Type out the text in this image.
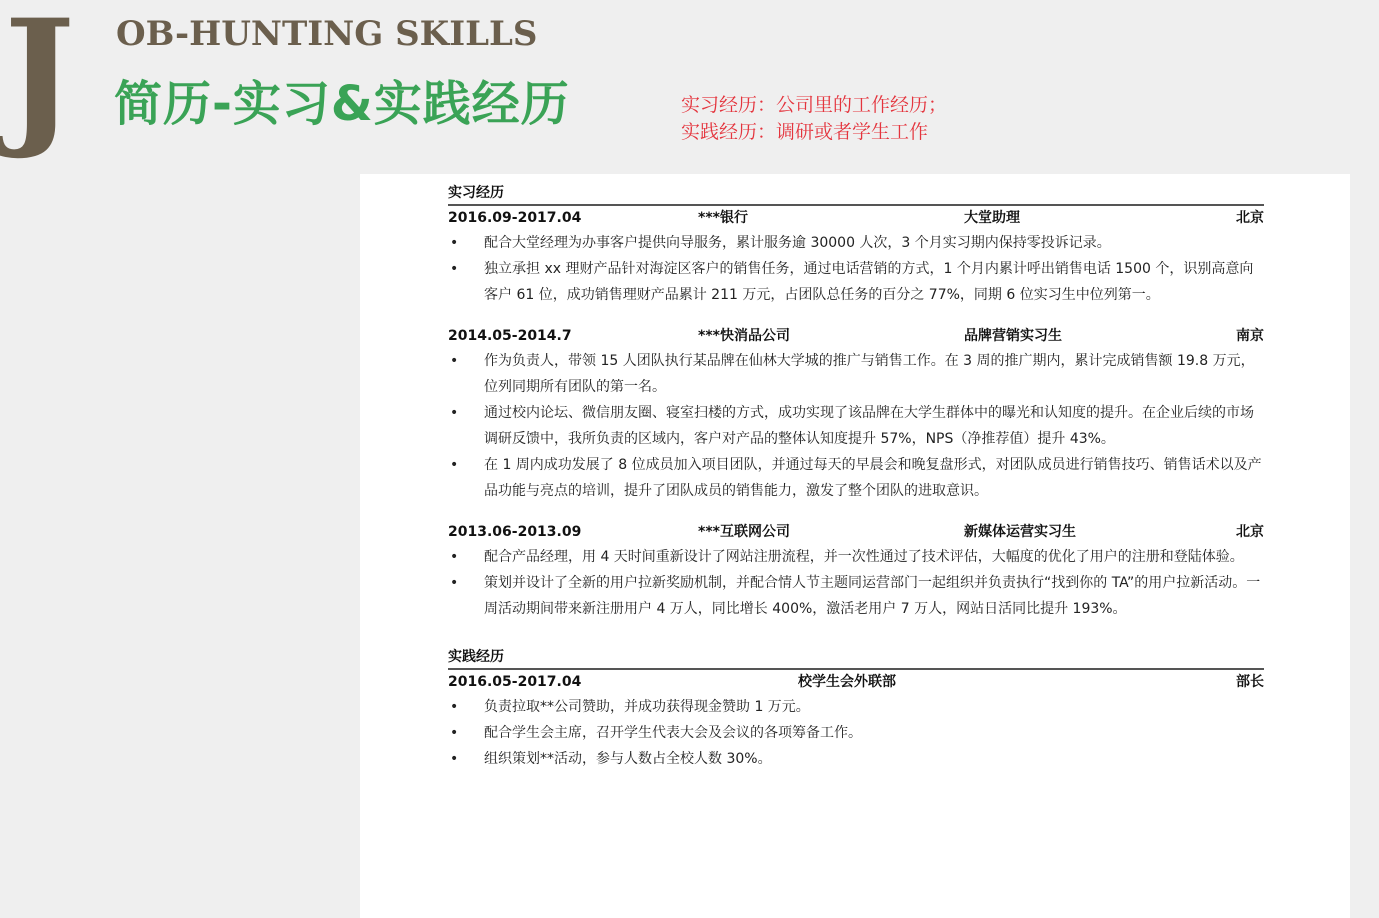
J OB-HUNTING SKILLS
简历-实习&实践经历	实习经历：公司里的工作经历；
实践经历：调研或者学生工作
实习经历
2016.09-2017.04	***银行	大堂助理	北京
• 配合大堂经理为办事客户提供向导服务，累计服务逾 30000 人次，3 个月实习期内保持零投诉记录。
• 独立承担 xx 理财产品针对海淀区客户的销售任务，通过电话营销的方式，1 个月内累计呼出销售电话 1500 个，识别高意向客户 61 位，成功销售理财产品累计 211 万元，占团队总任务的百分之 77%，同期 6 位实习生中位列第一。
2014.05-2014.7	***快消品公司	品牌营销实习生	南京
• 作为负责人，带领 15 人团队执行某品牌在仙林大学城的推广与销售工作。在 3 周的推广期内，累计完成销售额 19.8 万元，位列同期所有团队的第一名。
• 通过校内论坛、微信朋友圈、寝室扫楼的方式，成功实现了该品牌在大学生群体中的曝光和认知度的提升。在企业后续的市场调研反馈中，我所负责的区域内，客户对产品的整体认知度提升 57%，NPS（净推荐值）提升 43%。
• 在 1 周内成功发展了 8 位成员加入项目团队，并通过每天的早晨会和晚复盘形式，对团队成员进行销售技巧、销售话术以及产品功能与亮点的培训，提升了团队成员的销售能力，激发了整个团队的进取意识。
2013.06-2013.09	***互联网公司	新媒体运营实习生	北京
• 配合产品经理，用 4 天时间重新设计了网站注册流程，并一次性通过了技术评估，大幅度的优化了用户的注册和登陆体验。
• 策划并设计了全新的用户拉新奖励机制，并配合情人节主题同运营部门一起组织并负责执行“找到你的 TA”的用户拉新活动。一周活动期间带来新注册用户 4 万人，同比增长 400%，激活老用户 7 万人，网站日活同比提升 193%。
实践经历
2016.05-2017.04	校学生会外联部	部长
• 负责拉取**公司赞助，并成功获得现金赞助 1 万元。
• 配合学生会主席，召开学生代表大会及会议的各项筹备工作。
• 组织策划**活动，参与人数占全校人数 30%。
